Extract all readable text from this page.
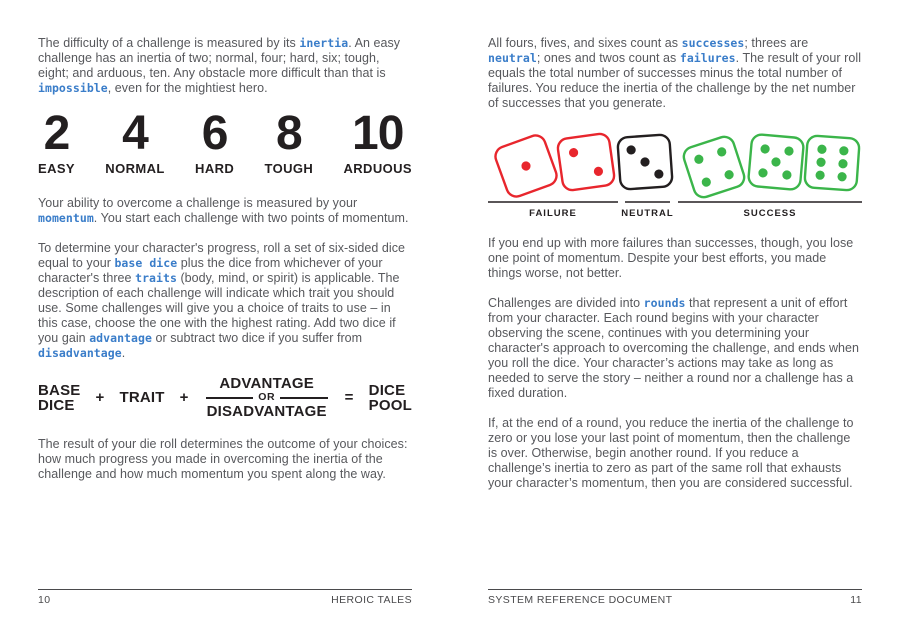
The difficulty of a challenge is measured by its inertia. An easy challenge has an inertia of two; normal, four; hard, six; tough, eight; and arduous, ten. Any obstacle more difficult than that is impossible, even for the mightiest hero.

2
EASY
4
NORMAL
6
HARD
8
TOUGH
10
ARDUOUS

Your ability to overcome a challenge is measured by your momentum. You start each challenge with two points of momentum.

To determine your character's progress, roll a set of six-sided dice equal to your base dice plus the dice from whichever of your character's three traits (body, mind, or spirit) is applicable. The description of each challenge will indicate which trait you should use. Some challenges will give you a choice of traits to use – in this case, choose the one with the highest rating. Add two dice if you gain advantage or subtract two dice if you suffer from disadvantage.

BASE
DICE	+ TRAIT +
ADVANTAGE
OR
DISADVANTAGE
= DICE
POOL

The result of your die roll determines the outcome of your choices: how much progress you made in overcoming the inertia of the challenge and how much momentum you spent along the way.

10	HEROIC TALES

All fours, fives, and sixes count as successes; threes are neutral; ones and twos count as failures. The result of your roll equals the total number of successes minus the total number of failures. You reduce the inertia of the challenge by the net number of successes that you generate.

FAILURE	NEUTRAL	SUCCESS

If you end up with more failures than successes, though, you lose one point of momentum. Despite your best efforts, you made things worse, not better.

Challenges are divided into rounds that represent a unit of effort from your character. Each round begins with your character observing the scene, continues with you determining your character's approach to overcoming the challenge, and ends when you roll the dice. Your character’s actions may take as long as needed to serve the story – neither a round nor a challenge has a fixed duration.

If, at the end of a round, you reduce the inertia of the challenge to zero or you lose your last point of momentum, then the challenge is over. Otherwise, begin another round. If you reduce a challenge’s inertia to zero as part of the same roll that exhausts your character’s momentum, then you are considered successful.

SYSTEM REFERENCE DOCUMENT	11
